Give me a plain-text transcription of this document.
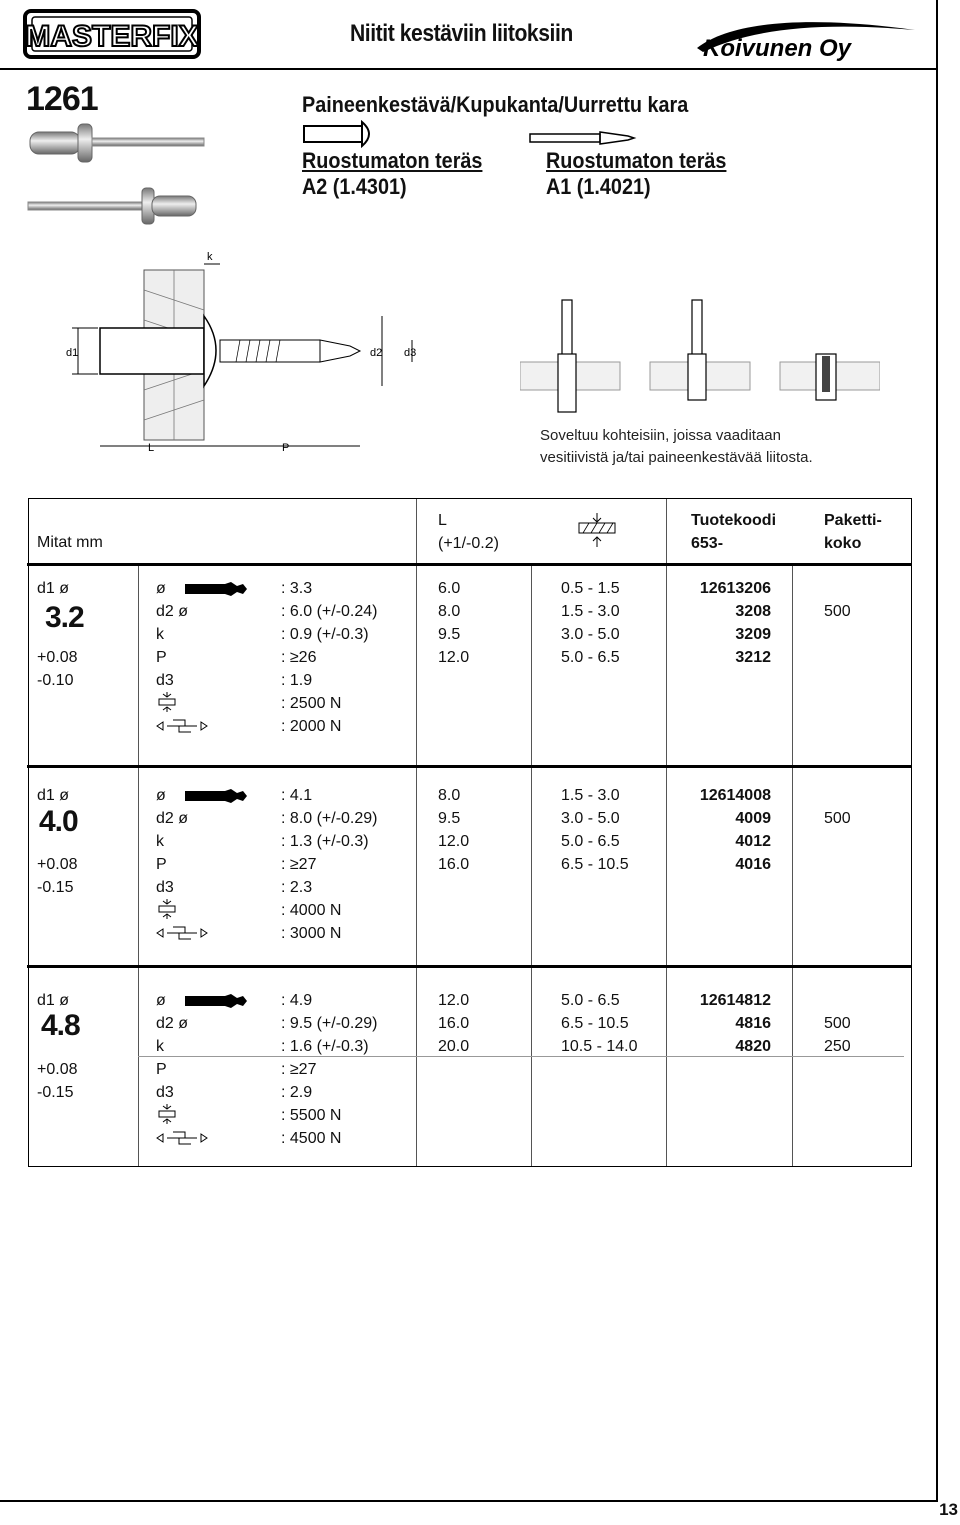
MASTERFIX	Niitit kestäviin liitoksiin
Koivunen Oy
1261	Paineenkestävä/Kupukanta/Uurrettu kara
Ruostumaton teräs
A2 (1.4301)
Ruostumaton teräs
A1 (1.4021)
d1	d2 d3
k
L	P
Soveltuu kohteisiin, joissa vaaditaan
vesitiivistä ja/tai paineenkestävää liitosta.
Mitat mm
L
(+1/-0.2)
Tuotekoodi
653-
Paketti-
koko
d1 ø
3.2
+0.08
-0.10
ø	: 3.3
d2 ø	: 6.0 (+/-0.24)
k	: 0.9 (+/-0.3)
P	: ≥26
d3	: 1.9
: 2500 N
: 2000 N
6.0	0.5 - 1.5	12613206
8.0	1.5 - 3.0	3208	500
9.5	3.0 - 5.0	3209
12.0	5.0 - 6.5	3212
d1 ø
4.0
+0.08
-0.15
ø	: 4.1
d2 ø	: 8.0 (+/-0.29)
k	: 1.3 (+/-0.3)
P	: ≥27
d3	: 2.3
: 4000 N
: 3000 N
8.0	1.5 - 3.0	12614008
9.5	3.0 - 5.0	4009	500
12.0	5.0 - 6.5	4012
16.0	6.5 - 10.5	4016
d1 ø
4.8
+0.08
-0.15
ø	: 4.9
d2 ø	: 9.5 (+/-0.29)
k	: 1.6 (+/-0.3)
P	: ≥27
d3	: 2.9
: 5500 N
: 4500 N
12.0	5.0 - 6.5	12614812
16.0	6.5 - 10.5	4816	500
20.0	10.5 - 14.0	4820	250
13
